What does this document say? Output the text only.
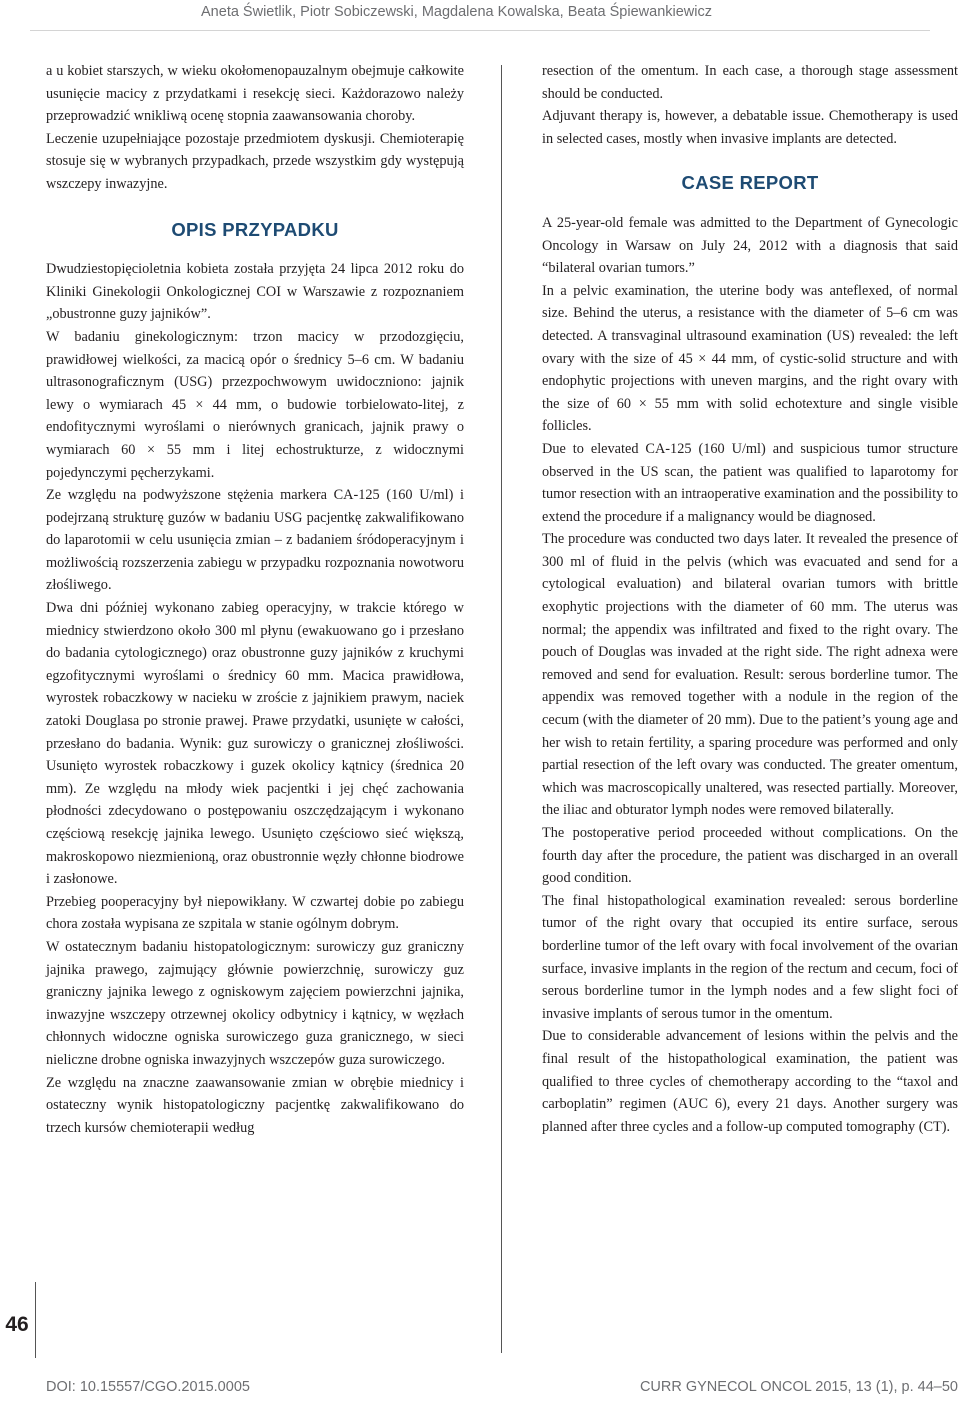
Aneta Świetlik, Piotr Sobiczewski, Magdalena Kowalska, Beata Śpiewankiewicz

a u kobiet starszych, w wieku okołomenopauzalnym obejmuje całkowite usunięcie macicy z przydatkami i resekcję sieci. Każdorazowo należy przeprowadzić wnikliwą ocenę stopnia zaawansowania choroby.

Leczenie uzupełniające pozostaje przedmiotem dyskusji. Chemioterapię stosuje się w wybranych przypadkach, przede wszystkim gdy występują wszczepy inwazyjne.

OPIS PRZYPADKU

Dwudziestopięcioletnia kobieta została przyjęta 24 lipca 2012 roku do Kliniki Ginekologii Onkologicznej COI w Warszawie z rozpoznaniem „obustronne guzy jajników”.

W badaniu ginekologicznym: trzon macicy w przodozgięciu, prawidłowej wielkości, za macicą opór o średnicy 5–6 cm. W badaniu ultrasonograficznym (USG) przezpochwowym uwidoczniono: jajnik lewy o wymiarach 45 × 44 mm, o budowie torbielowato-litej, z endofitycznymi wyroślami o nierównych granicach, jajnik prawy o wymiarach 60 × 55 mm i litej echostrukturze, z widocznymi pojedynczymi pęcherzykami.

Ze względu na podwyższone stężenia markera CA-125 (160 U/ml) i podejrzaną strukturę guzów w badaniu USG pacjentkę zakwalifikowano do laparotomii w celu usunięcia zmian – z badaniem śródoperacyjnym i możliwością rozszerzenia zabiegu w przypadku rozpoznania nowotworu złośliwego.

Dwa dni później wykonano zabieg operacyjny, w trakcie którego w miednicy stwierdzono około 300 ml płynu (ewakuowano go i przesłano do badania cytologicznego) oraz obustronne guzy jajników z kruchymi egzofitycznymi wyroślami o średnicy 60 mm. Macica prawidłowa, wyrostek robaczkowy w nacieku w zroście z jajnikiem prawym, naciek zatoki Douglasa po stronie prawej. Prawe przydatki, usunięte w całości, przesłano do badania. Wynik: guz surowiczy o granicznej złośliwości. Usunięto wyrostek robaczkowy i guzek okolicy kątnicy (średnica 20 mm). Ze względu na młody wiek pacjentki i jej chęć zachowania płodności zdecydowano o postępowaniu oszczędzającym i wykonano częściową resekcję jajnika lewego. Usunięto częściowo sieć większą, makroskopowo niezmienioną, oraz obustronnie węzły chłonne biodrowe i zasłonowe.

Przebieg pooperacyjny był niepowikłany. W czwartej dobie po zabiegu chora została wypisana ze szpitala w stanie ogólnym dobrym.

W ostatecznym badaniu histopatologicznym: surowiczy guz graniczny jajnika prawego, zajmujący głównie powierzchnię, surowiczy guz graniczny jajnika lewego z ogniskowym zajęciem powierzchni jajnika, inwazyjne wszczepy otrzewnej okolicy odbytnicy i kątnicy, w węzłach chłonnych widoczne ogniska surowiczego guza granicznego, w sieci nieliczne drobne ogniska inwazyjnych wszczepów guza surowiczego.

Ze względu na znaczne zaawansowanie zmian w obrębie miednicy i ostateczny wynik histopatologiczny pacjentkę zakwalifikowano do trzech kursów chemioterapii według

resection of the omentum. In each case, a thorough stage assessment should be conducted.

Adjuvant therapy is, however, a debatable issue. Chemotherapy is used in selected cases, mostly when invasive implants are detected.

CASE REPORT

A 25-year-old female was admitted to the Department of Gynecologic Oncology in Warsaw on July 24, 2012 with a diagnosis that said “bilateral ovarian tumors.”

In a pelvic examination, the uterine body was anteflexed, of normal size. Behind the uterus, a resistance with the diameter of 5–6 cm was detected. A transvaginal ultrasound examination (US) revealed: the left ovary with the size of 45 × 44 mm, of cystic-solid structure and with endophytic projections with uneven margins, and the right ovary with the size of 60 × 55 mm with solid echotexture and single visible follicles.

Due to elevated CA-125 (160 U/ml) and suspicious tumor structure observed in the US scan, the patient was qualified to laparotomy for tumor resection with an intraoperative examination and the possibility to extend the procedure if a malignancy would be diagnosed.

The procedure was conducted two days later. It revealed the presence of 300 ml of fluid in the pelvis (which was evacuated and send for a cytological evaluation) and bilateral ovarian tumors with brittle exophytic projections with the diameter of 60 mm. The uterus was normal; the appendix was infiltrated and fixed to the right ovary. The pouch of Douglas was invaded at the right side. The right adnexa were removed and send for evaluation. Result: serous borderline tumor. The appendix was removed together with a nodule in the region of the cecum (with the diameter of 20 mm). Due to the patient’s young age and her wish to retain fertility, a sparing procedure was performed and only partial resection of the left ovary was conducted. The greater omentum, which was macroscopically unaltered, was resected partially. Moreover, the iliac and obturator lymph nodes were removed bilaterally.

The postoperative period proceeded without complications. On the fourth day after the procedure, the patient was discharged in an overall good condition.

The final histopathological examination revealed: serous borderline tumor of the right ovary that occupied its entire surface, serous borderline tumor of the left ovary with focal involvement of the ovarian surface, invasive implants in the region of the rectum and cecum, foci of serous borderline tumor in the lymph nodes and a few slight foci of invasive implants of serous tumor in the omentum.

Due to considerable advancement of lesions within the pelvis and the final result of the histopathological examination, the patient was qualified to three cycles of chemotherapy according to the “taxol and carboplatin” regimen (AUC 6), every 21 days. Another surgery was planned after three cycles and a follow-up computed tomography (CT).

46
DOI: 10.15557/CGO.2015.0005	CURR GYNECOL ONCOL 2015, 13 (1), p. 44–50
